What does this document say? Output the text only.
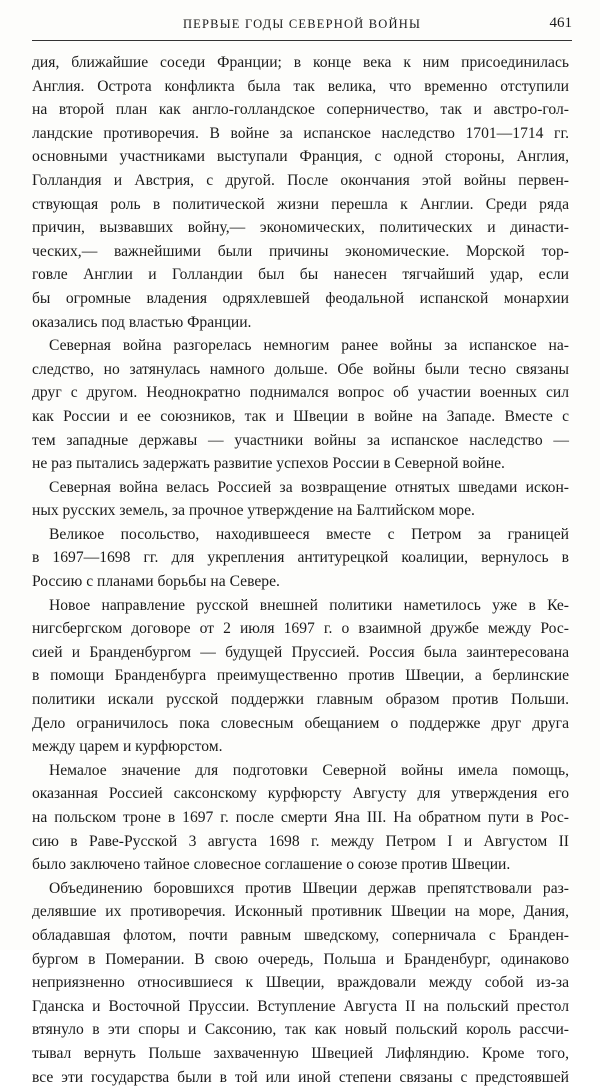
ПЕРВЫЕ ГОДЫ СЕВЕРНОЙ ВОЙНЫ	461
дия, ближайшие соседи Франции; в конце века к ним присоединилась
Англия. Острота конфликта была так велика, что временно отступили
на второй план как англо-голландское соперничество, так и австро-гол-
ландские противоречия. В войне за испанское наследство 1701—1714 гг.
основными участниками выступали Франция, с одной стороны, Англия,
Голландия и Австрия, с другой. После окончания этой войны первен-
ствующая роль в политической жизни перешла к Англии. Среди ряда
причин, вызвавших войну,— экономических, политических и династи-
ческих,— важнейшими были причины экономические. Морской тор-
говле Англии и Голландии был бы нанесен тягчайший удар, если
бы огромные владения одряхлевшей феодальной испанской монархии
оказались под властью Франции.
Северная война разгорелась немногим ранее войны за испанское на-
следство, но затянулась намного дольше. Обе войны были тесно связаны
друг с другом. Неоднократно поднимался вопрос об участии военных сил
как России и ее союзников, так и Швеции в войне на Западе. Вместе с
тем западные державы — участники войны за испанское наследство —
не раз пытались задержать развитие успехов России в Северной войне.
Северная война велась Россией за возвращение отнятых шведами искон-
ных русских земель, за прочное утверждение на Балтийском море.
Великое посольство, находившееся вместе с Петром за границей
в 1697—1698 гг. для укрепления антитурецкой коалиции, вернулось в
Россию с планами борьбы на Севере.
Новое направление русской внешней политики наметилось уже в Ке-
нигсбергском договоре от 2 июля 1697 г. о взаимной дружбе между Рос-
сией и Бранденбургом — будущей Пруссией. Россия была заинтересована
в помощи Бранденбурга преимущественно против Швеции, а берлинские
политики искали русской поддержки главным образом против Польши.
Дело ограничилось пока словесным обещанием о поддержке друг друга
между царем и курфюрстом.
Немалое значение для подготовки Северной войны имела помощь,
оказанная Россией саксонскому курфюрсту Августу для утверждения его
на польском троне в 1697 г. после смерти Яна III. На обратном пути в Рос-
сию в Раве-Русской 3 августа 1698 г. между Петром I и Августом II
было заключено тайное словесное соглашение о союзе против Швеции.
Объединению боровшихся против Швеции держав препятствовали раз-
делявшие их противоречия. Исконный противник Швеции на море, Дания,
обладавшая флотом, почти равным шведскому, соперничала с Бранден-
бургом в Померании. В свою очередь, Польша и Бранденбург, одинаково
неприязненно относившиеся к Швеции, враждовали между собой из-за
Гданска и Восточной Пруссии. Вступление Августа II на польский престол
втянуло в эти споры и Саксонию, так как новый польский король рассчи-
тывал вернуть Польше захваченную Швецией Лифляндию. Кроме того,
все эти государства были в той или иной степени связаны с предстоявшей
